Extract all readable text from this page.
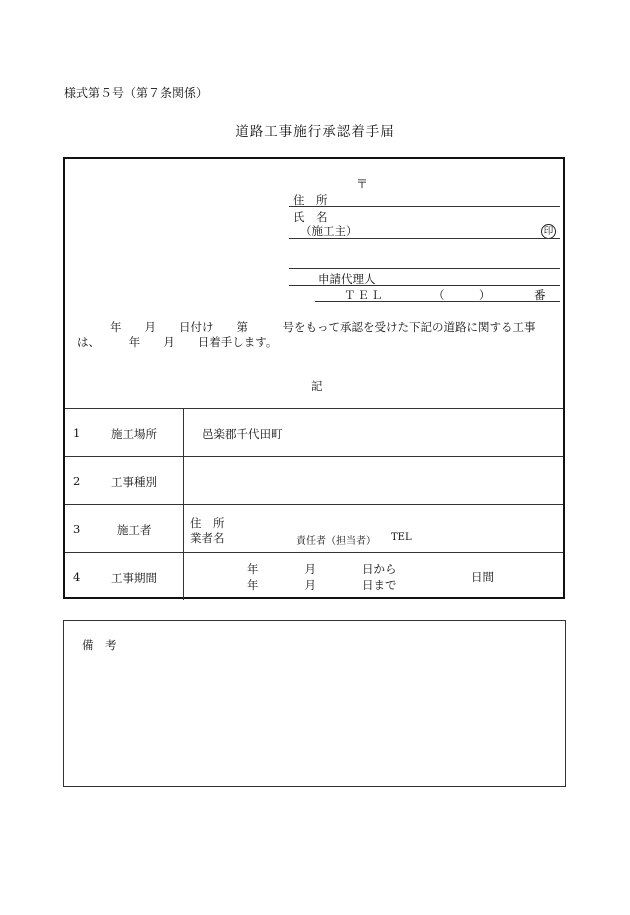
様式第５号（第７条関係）
道路工事施行承認着手届
〒
住　所
氏　名
（施工主）	印
申請代理人
ＴＥＬ	（　　　）	番
年　　月　　日付け　　第　　　号をもって承認を受けた下記の道路に関する工事
は、　　　年　　月　　日着手します。
記
1 施工場所	邑楽郡千代田町

2 工事種別	

3 施工者	住　所
業者名 責任者（担当者） TEL

4 工事期間	年　　　　月　　　　日から
年　　　　月　　　　日まで
日間
備　考
